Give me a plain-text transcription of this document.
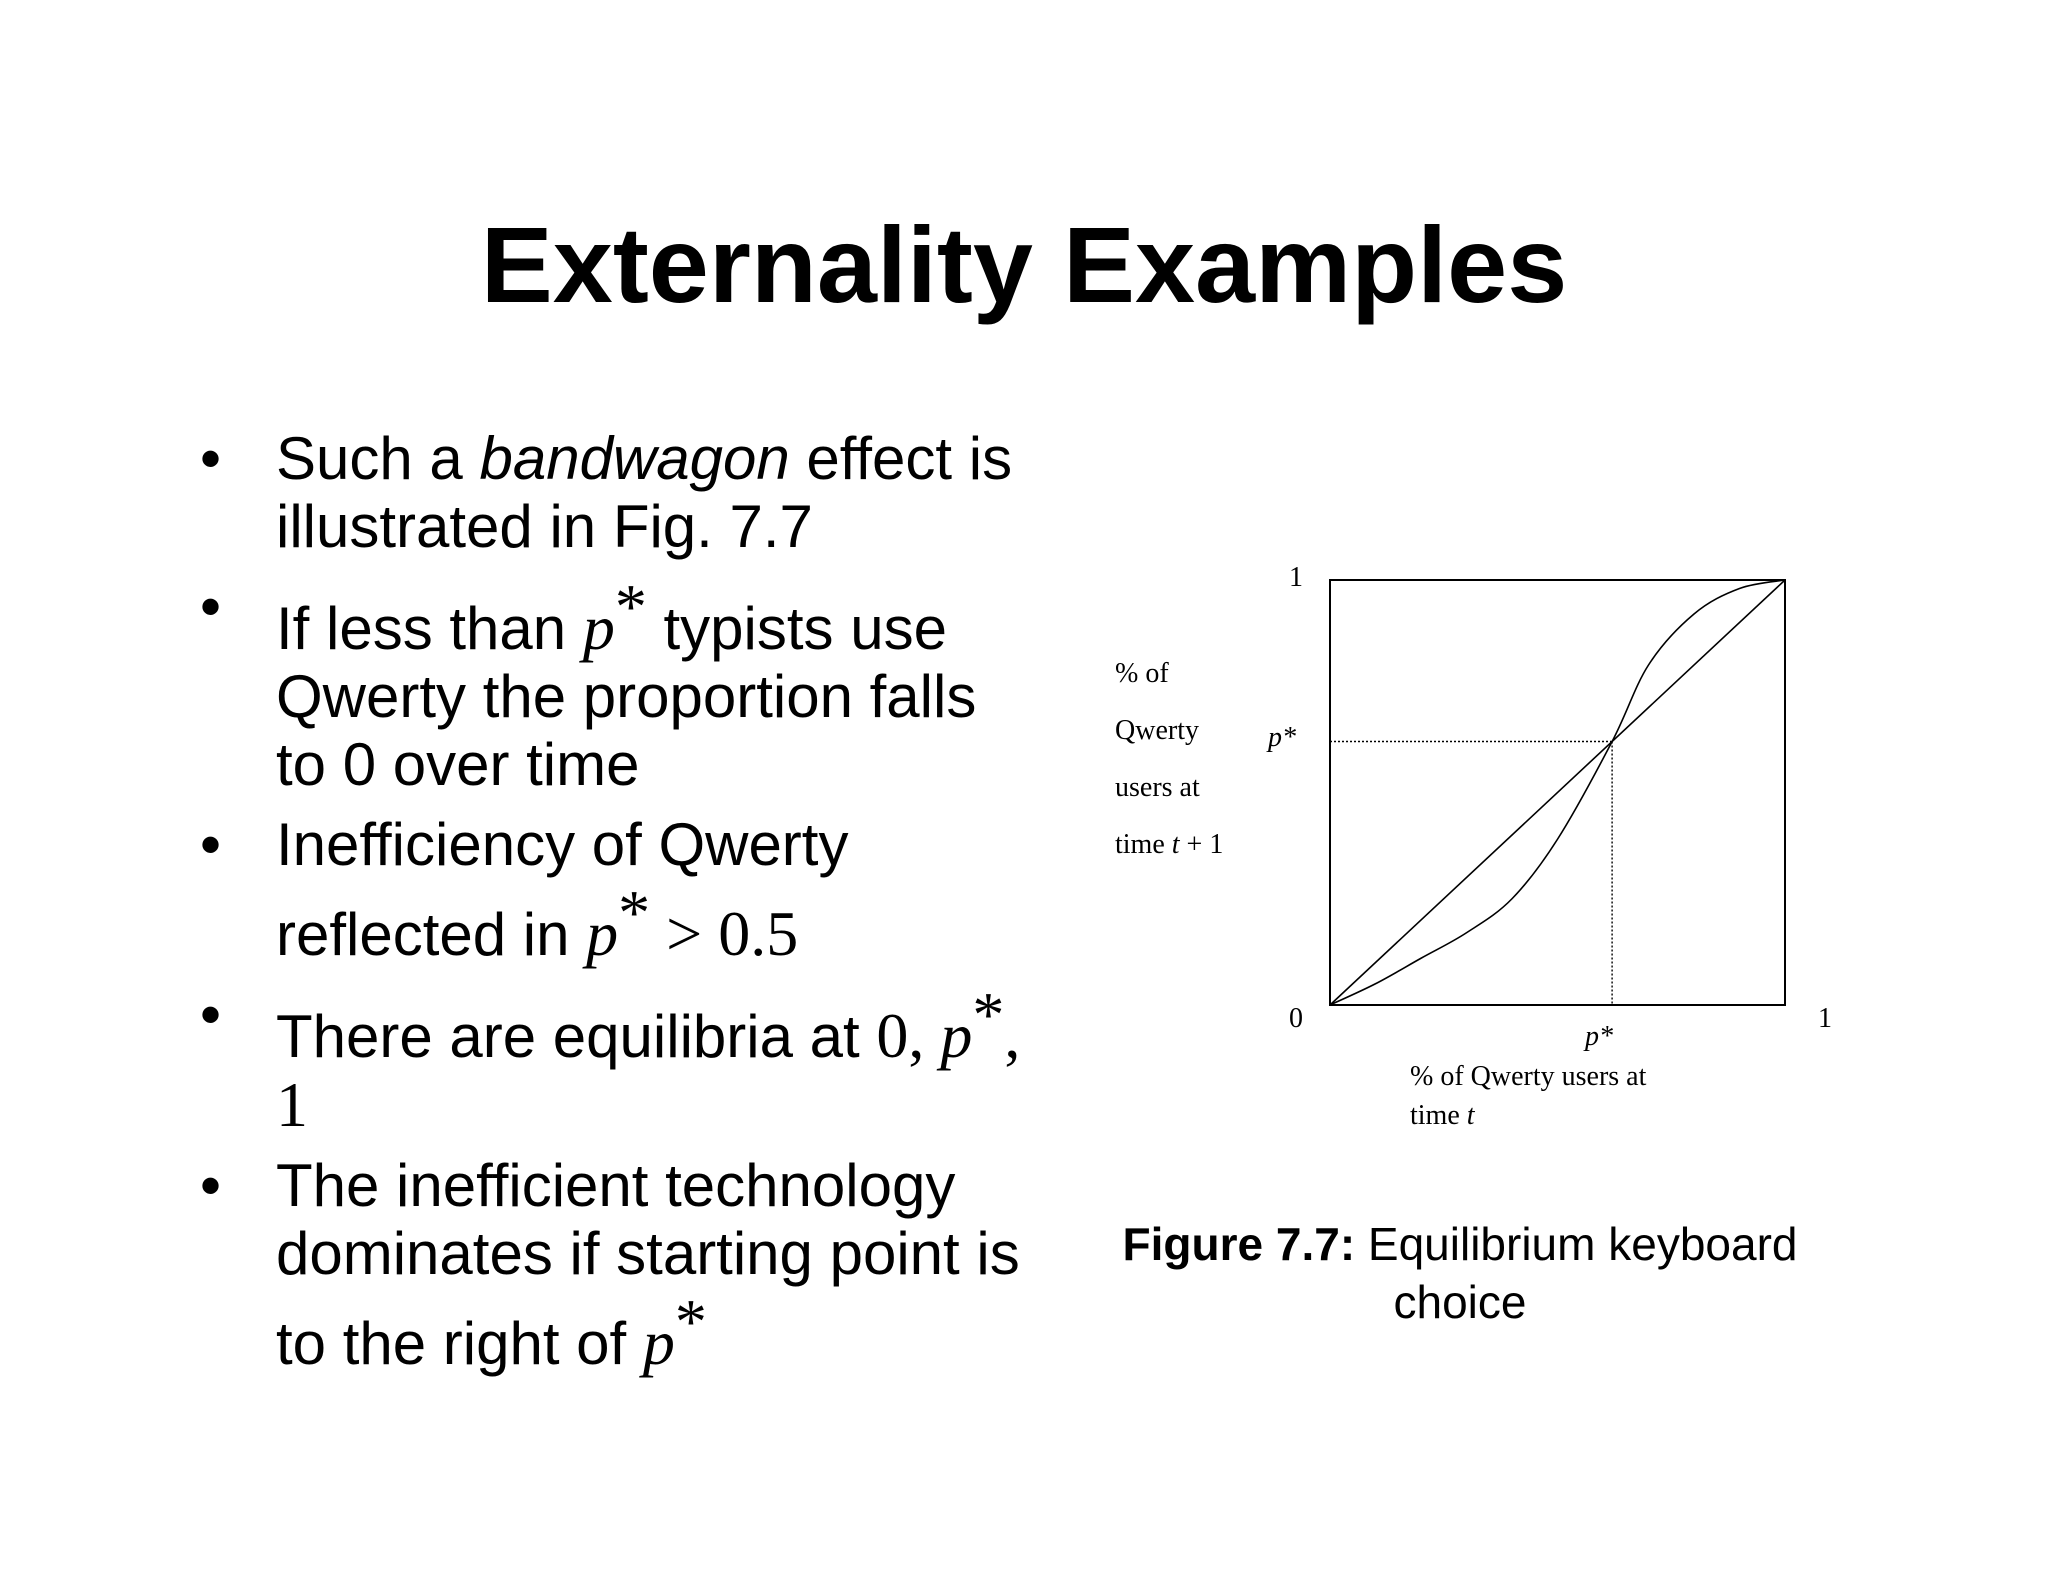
Externality Examples
• Such a bandwagon effect is illustrated in Fig. 7.7
• If less than p* typists use Qwerty the proportion falls to 0 over time
• Inefficiency of Qwerty reflected in p* > 0.5
• There are equilibria at 0, p*, 1
• The inefficient technology dominates if starting point is to the right of p*
% of
Qwerty
users at
time t + 1
1
p*
0	1
p*
% of Qwerty users at
time t
Figure 7.7: Equilibrium keyboard choice
